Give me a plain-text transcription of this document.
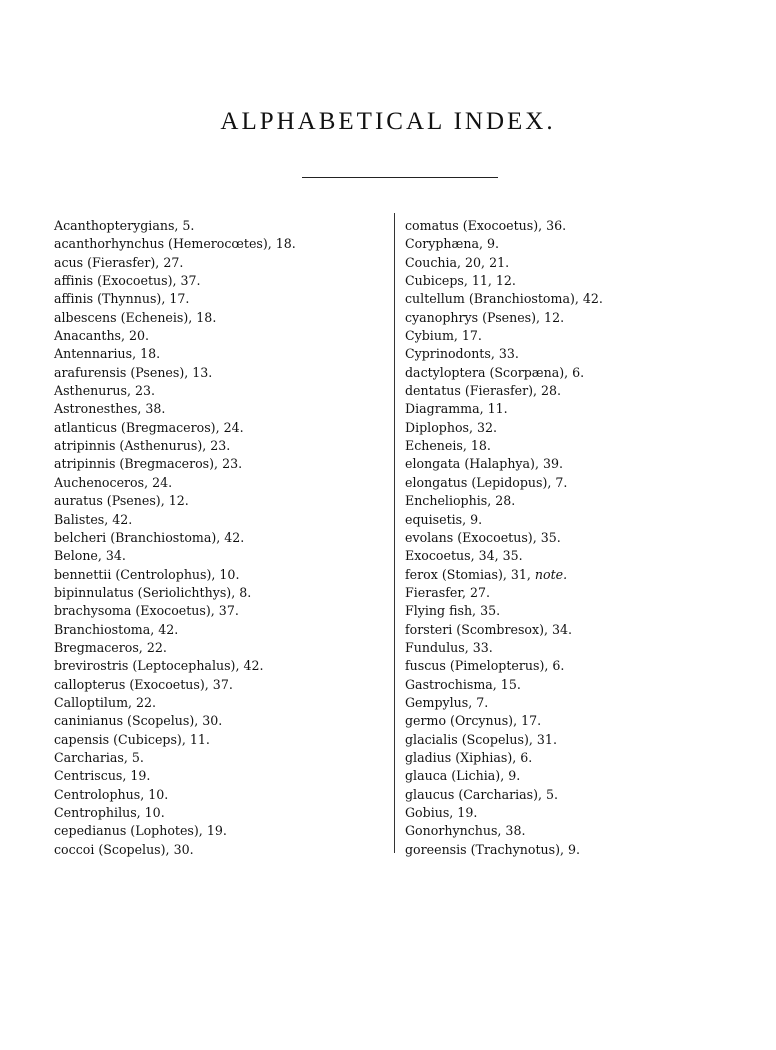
ALPHABETICAL INDEX.
Acanthopterygians, 5.
acanthorhynchus (Hemerocœtes), 18.
acus (Fierasfer), 27.
affinis (Exocoetus), 37.
affinis (Thynnus), 17.
albescens (Echeneis), 18.
Anacanths, 20.
Antennarius, 18.
arafurensis (Psenes), 13.
Asthenurus, 23.
Astronesthes, 38.
atlanticus (Bregmaceros), 24.
atripinnis (Asthenurus), 23.
atripinnis (Bregmaceros), 23.
Auchenoceros, 24.
auratus (Psenes), 12.
Balistes, 42.
belcheri (Branchiostoma), 42.
Belone, 34.
bennettii (Centrolophus), 10.
bipinnulatus (Seriolichthys), 8.
brachysoma (Exocoetus), 37.
Branchiostoma, 42.
Bregmaceros, 22.
brevirostris (Leptocephalus), 42.
callopterus (Exocoetus), 37.
Calloptilum, 22.
caninianus (Scopelus), 30.
capensis (Cubiceps), 11.
Carcharias, 5.
Centriscus, 19.
Centrolophus, 10.
Centrophilus, 10.
cepedianus (Lophotes), 19.
coccoi (Scopelus), 30.
comatus (Exocoetus), 36.
Coryphæna, 9.
Couchia, 20, 21.
Cubiceps, 11, 12.
cultellum (Branchiostoma), 42.
cyanophrys (Psenes), 12.
Cybium, 17.
Cyprinodonts, 33.
dactyloptera (Scorpæna), 6.
dentatus (Fierasfer), 28.
Diagramma, 11.
Diplophos, 32.
Echeneis, 18.
elongata (Halaphya), 39.
elongatus (Lepidopus), 7.
Encheliophis, 28.
equisetis, 9.
evolans (Exocoetus), 35.
Exocoetus, 34, 35.
ferox (Stomias), 31, note.
Fierasfer, 27.
Flying fish, 35.
forsteri (Scombresox), 34.
Fundulus, 33.
fuscus (Pimelopterus), 6.
Gastrochisma, 15.
Gempylus, 7.
germo (Orcynus), 17.
glacialis (Scopelus), 31.
gladius (Xiphias), 6.
glauca (Lichia), 9.
glaucus (Carcharias), 5.
Gobius, 19.
Gonorhynchus, 38.
goreensis (Trachynotus), 9.
